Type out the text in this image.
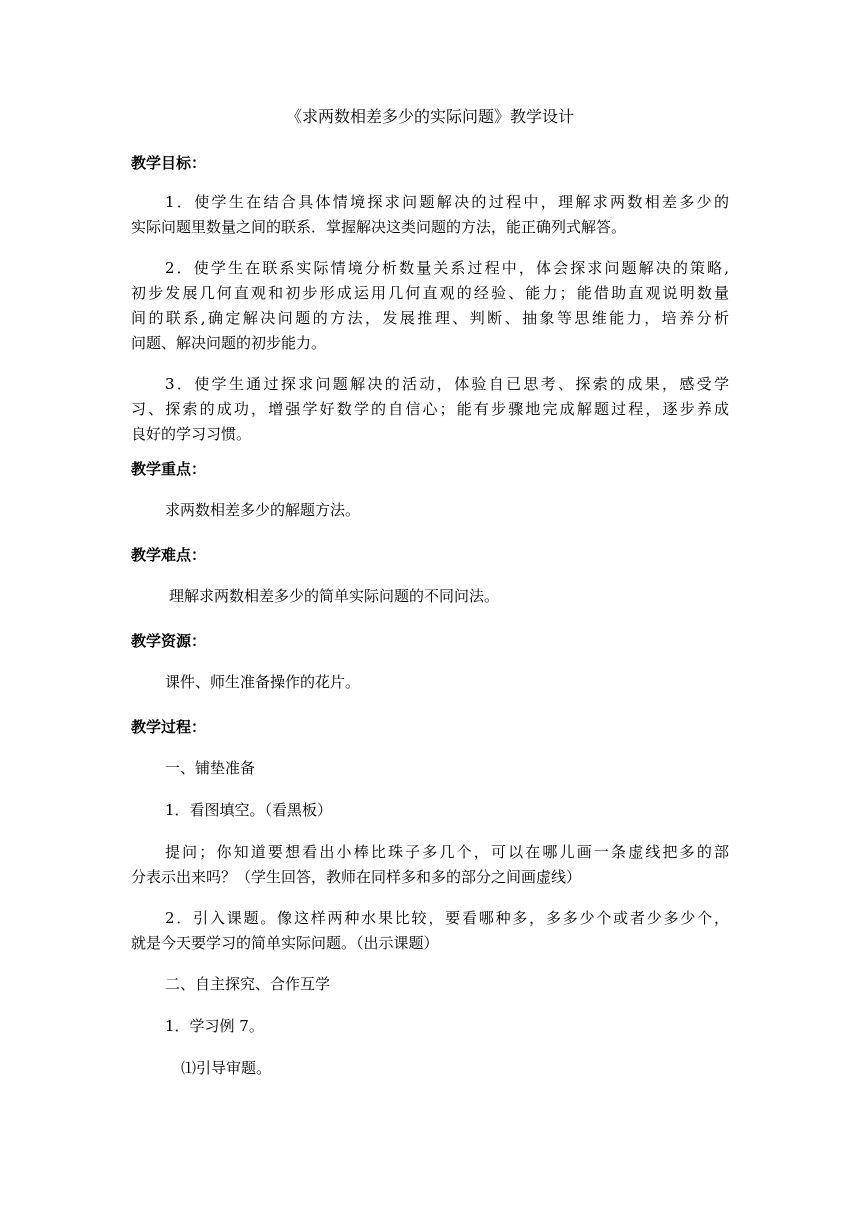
《求两数相差多少的实际问题》教学设计
教学目标：
1．使学生在结合具体情境探求问题解决的过程中，理解求两数相差多少的
实际问题里数量之间的联系．掌握解决这类问题的方法，能正确列式解答。
2．使学生在联系实际情境分析数量关系过程中，体会探求问题解决的策略,
初步发展几何直观和初步形成运用几何直观的经验、能力；能借助直观说明数量
间的联系,确定解决问题的方法，发展推理、判断、抽象等思维能力，培养分析
问题、解决问题的初步能力。
3．使学生通过探求问题解决的活动，体验自已思考、探索的成果，感受学
习、探索的成功，增强学好数学的自信心；能有步骤地完成解题过程，逐步养成
良好的学习习惯。
教学重点：
求两数相差多少的解题方法。
教学难点：
理解求两数相差多少的简单实际问题的不同问法。
教学资源：
课件、师生准备操作的花片。
教学过程：
一、铺垫准备
1．看图填空。（看黑板）
提问；你知道要想看出小棒比珠子多几个，可以在哪儿画一条虚线把多的部
分表示出来吗？（学生回答，教师在同样多和多的部分之间画虚线）
2．引入课题。像这样两种水果比较，要看哪种多，多多少个或者少多少个，
就是今天要学习的简单实际问题。（出示课题）
二、自主探究、合作互学
1．学习例 7。
⑴引导审题。
